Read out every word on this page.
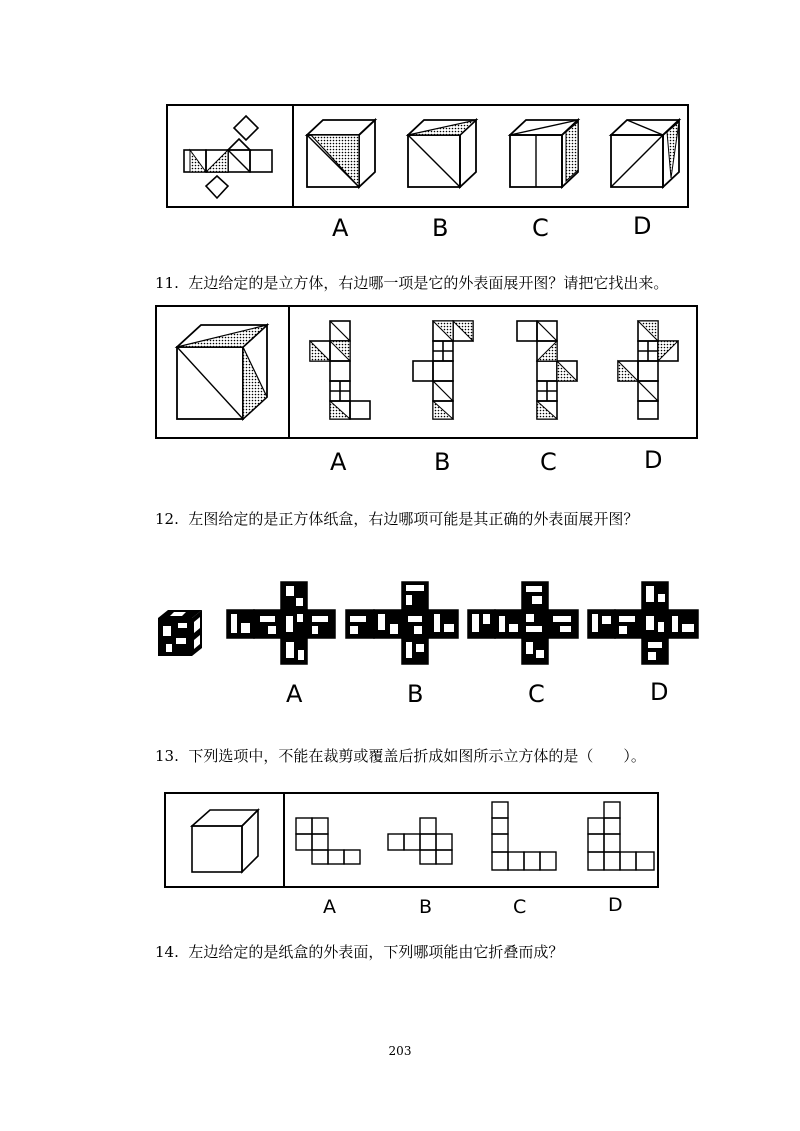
A	B	C	D
11. 左边给定的是立方体，右边哪一项是它的外表面展开图？请把它找出来。
A	B	C	D
12. 左图给定的是正方体纸盒，右边哪项可能是其正确的外表面展开图？
A	B	C	D
13. 下列选项中，不能在裁剪或覆盖后折成如图所示立方体的是（　　）。
A	B	C	D
14. 左边给定的是纸盒的外表面，下列哪项能由它折叠而成？
203
